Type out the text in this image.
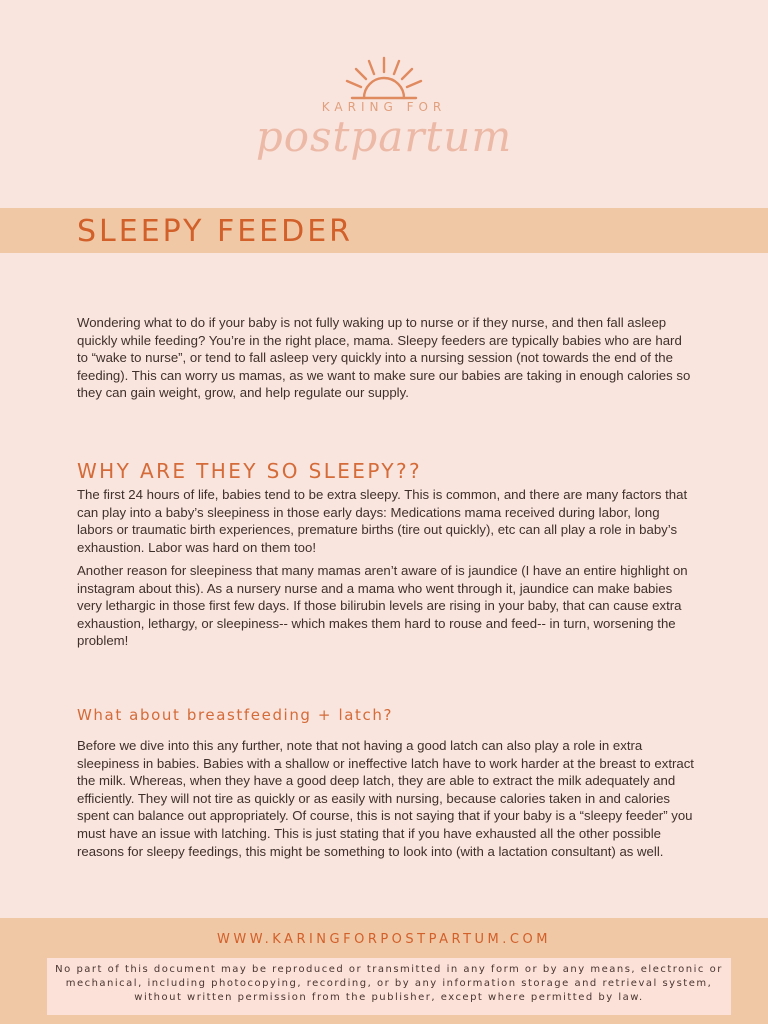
KARING FOR
postpartum
SLEEPY FEEDER

Wondering what to do if your baby is not fully waking up to nurse or if they nurse, and then fall asleep quickly while feeding? You’re in the right place, mama. Sleepy feeders are typically babies who are hard to “wake to nurse”, or tend to fall asleep very quickly into a nursing session (not towards the end of the feeding). This can worry us mamas, as we want to make sure our babies are taking in enough calories so they can gain weight, grow, and help regulate our supply.

WHY ARE THEY SO SLEEPY??

The first 24 hours of life, babies tend to be extra sleepy. This is common, and there are many factors that can play into a baby’s sleepiness in those early days: Medications mama received during labor, long labors or traumatic birth experiences, premature births (tire out quickly), etc can all play a role in baby’s exhaustion. Labor was hard on them too!

Another reason for sleepiness that many mamas aren’t aware of is jaundice (I have an entire highlight on instagram about this). As a nursery nurse and a mama who went through it, jaundice can make babies very lethargic in those first few days. If those bilirubin levels are rising in your baby, that can cause extra exhaustion, lethargy, or sleepiness-- which makes them hard to rouse and feed-- in turn, worsening the problem!

What about breastfeeding + latch?

Before we dive into this any further, note that not having a good latch can also play a role in extra sleepiness in babies. Babies with a shallow or ineffective latch have to work harder at the breast to extract the milk. Whereas, when they have a good deep latch, they are able to extract the milk adequately and efficiently. They will not tire as quickly or as easily with nursing, because calories taken in and calories spent can balance out appropriately. Of course, this is not saying that if your baby is a “sleepy feeder” you must have an issue with latching. This is just stating that if you have exhausted all the other possible reasons for sleepy feedings, this might be something to look into (with a lactation consultant) as well.

WWW.KARINGFORPOSTPARTUM.COM
No part of this document may be reproduced or transmitted in any form or by any means, electronic or mechanical, including photocopying, recording, or by any information storage and retrieval system, without written permission from the publisher, except where permitted by law.
